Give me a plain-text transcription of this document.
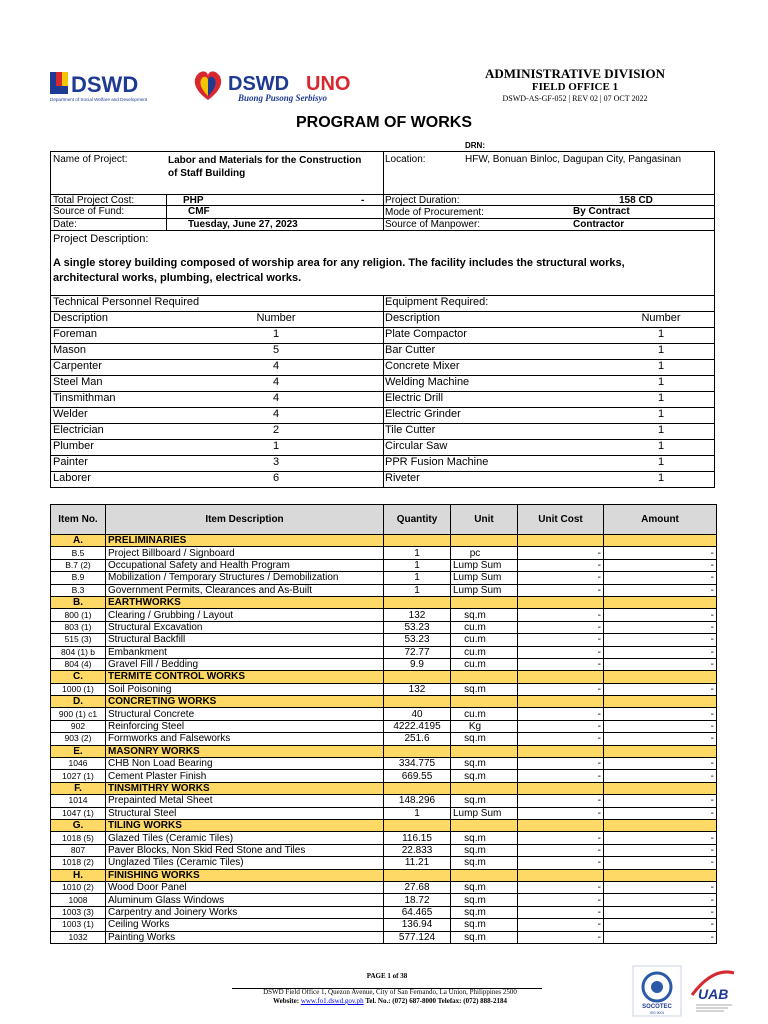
DSWD
Department of Social Welfare and Development
DSWD UNO
Buong Pusong Serbisyo
ADMINISTRATIVE DIVISION
FIELD OFFICE 1
DSWD-AS-GF-052 | REV 02 | 07 OCT 2022
PROGRAM OF WORKS
DRN:
Name of Project:	Labor and Materials for the Construction
of Staff Building
Location:	HFW, Bonuan Binloc, Dagupan City, Pangasinan
Total Project Cost:	PHP	- Project Duration:	158 CD
Source of Fund:	CMF	Mode of Procurement:	By Contract
Date:	Tuesday, June 27, 2023	Source of Manpower:	Contractor
Project Description:
A single storey building composed of worship area for any religion. The facility includes the structural works, architectural works, plumbing, electrical works.
Technical Personnel Required	Equipment Required:
Description	Number	Description	Number
Foreman	1	Plate Compactor	1
Mason	5	Bar Cutter	1
Carpenter	4	Concrete Mixer	1
Steel Man	4	Welding Machine	1
Tinsmithman	4	Electric Drill	1
Welder	4	Electric Grinder	1
Electrician	2	Tile Cutter	1
Plumber	1	Circular Saw	1
Painter	3	PPR Fusion Machine	1
Laborer	6	Riveter	1
Item No.	Item Description	Quantity	Unit	Unit Cost	Amount
A.	PRELIMINARIES				
B.5	Project Billboard / Signboard	1	pc	-	-
B.7 (2)	Occupational Safety and Health Program	1	Lump Sum	-	-
B.9	Mobilization / Temporary Structures / Demobilization	1	Lump Sum	-	-
B.3	Government Permits, Clearances and As-Built	1	Lump Sum	-	-
B.	EARTHWORKS				
800 (1)	Clearing / Grubbing / Layout	132	sq.m	-	-
803 (1)	Structural Excavation	53.23	cu.m	-	-
515 (3)	Structural Backfill	53.23	cu.m	-	-
804 (1) b	Embankment	72.77	cu.m	-	-
804 (4)	Gravel Fill / Bedding	9.9	cu.m	-	-
C.	TERMITE CONTROL WORKS				
1000 (1)	Soil Poisoning	132	sq.m	-	-
D.	CONCRETING WORKS				
900 (1) c1	Structural Concrete	40	cu.m	-	-
902	Reinforcing Steel	4222.4195	Kg	-	-
903 (2)	Formworks and Falseworks	251.6	sq.m	-	-
E.	MASONRY WORKS				
1046	CHB Non Load Bearing	334.775	sq.m	-	-
1027 (1)	Cement Plaster Finish	669.55	sq.m	-	-
F.	TINSMITHRY WORKS				
1014	Prepainted Metal Sheet	148.296	sq.m	-	-
1047 (1)	Structural Steel	1	Lump Sum	-	-
G.	TILING WORKS				
1018 (5)	Glazed Tiles (Ceramic Tiles)	116.15	sq.m	-	-
807	Paver Blocks, Non Skid Red Stone and Tiles	22.833	sq.m	-	-
1018 (2)	Unglazed Tiles (Ceramic Tiles)	11.21	sq.m	-	-
H.	FINISHING WORKS				
1010 (2)	Wood Door Panel	27.68	sq.m	-	-
1008	Aluminum Glass Windows	18.72	sq.m	-	-
1003 (3)	Carpentry and Joinery Works	64.465	sq.m	-	-
1003 (1)	Ceiling Works	136.94	sq.m	-	-
1032	Painting Works	577.124	sq.m	-	-
PAGE 1 of 38
DSWD Field Office 1, Quezon Avenue, City of San Fernando, La Union, Philippines 2500
Website: www.fo1.dswd.gov.ph Tel. No.: (072) 687-8000 Telefax: (072) 888-2184
SOCOTEC
ISO 9001
UAB
